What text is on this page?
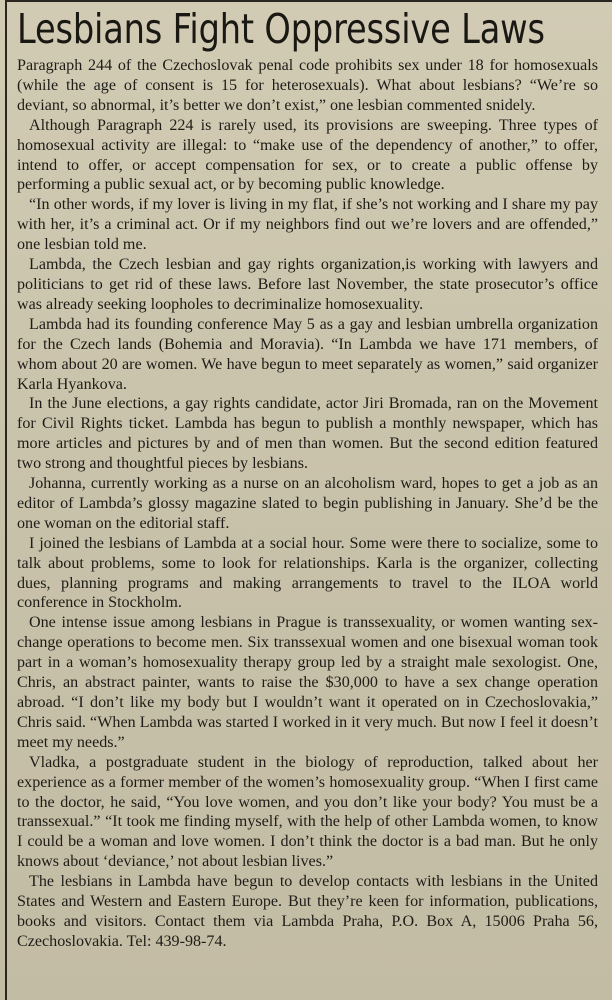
Lesbians Fight Oppressive Laws

Paragraph 244 of the Czechoslovak penal code prohibits sex under 18 for homosexuals (while the age of consent is 15 for heterosexuals). What about lesbians? “We’re so deviant, so abnormal, it’s better we don’t exist,” one lesbian commented snidely.

Although Paragraph 224 is rarely used, its provisions are sweeping. Three types of homosexual activity are illegal: to “make use of the dependency of another,” to offer, intend to offer, or accept compensation for sex, or to create a public offense by performing a public sexual act, or by becoming public knowledge.

“In other words, if my lover is living in my flat, if she’s not working and I share my pay with her, it’s a criminal act. Or if my neighbors find out we’re lovers and are offended,” one lesbian told me.

Lambda, the Czech lesbian and gay rights organization,is working with lawyers and politicians to get rid of these laws. Before last November, the state prosecutor’s office was already seeking loopholes to decriminalize homosexuality.

Lambda had its founding conference May 5 as a gay and lesbian umbrella organization for the Czech lands (Bohemia and Moravia). “In Lambda we have 171 members, of whom about 20 are women. We have begun to meet separately as women,” said organizer Karla Hyankova.

In the June elections, a gay rights candidate, actor Jiri Bromada, ran on the Movement for Civil Rights ticket. Lambda has begun to publish a monthly newspaper, which has more articles and pictures by and of men than women. But the second edition featured two strong and thoughtful pieces by lesbians.

Johanna, currently working as a nurse on an alcoholism ward, hopes to get a job as an editor of Lambda’s glossy magazine slated to begin publishing in January. She’d be the one woman on the editorial staff.

I joined the lesbians of Lambda at a social hour. Some were there to socialize, some to talk about problems, some to look for relationships. Karla is the organizer, collecting dues, planning programs and making arrangements to travel to the ILOA world conference in Stockholm.

One intense issue among lesbians in Prague is transsexuality, or women wanting sex-change operations to become men. Six transsexual women and one bisexual woman took part in a woman’s homosexuality therapy group led by a straight male sexologist. One, Chris, an abstract painter, wants to raise the $30,000 to have a sex change operation abroad. “I don’t like my body but I wouldn’t want it operated on in Czechoslovakia,” Chris said. “When Lambda was started I worked in it very much. But now I feel it doesn’t meet my needs.”

Vladka, a postgraduate student in the biology of reproduction, talked about her experience as a former member of the women’s homosexuality group. “When I first came to the doctor, he said, “You love women, and you don’t like your body? You must be a transsexual.” “It took me finding myself, with the help of other Lambda women, to know I could be a woman and love women. I don’t think the doctor is a bad man. But he only knows about ‘deviance,’ not about lesbian lives.”

The lesbians in Lambda have begun to develop contacts with lesbians in the United States and Western and Eastern Europe. But they’re keen for information, publications, books and visitors. Contact them via Lambda Praha, P.O. Box A, 15006 Praha 56, Czechoslovakia. Tel: 439-98-74.
